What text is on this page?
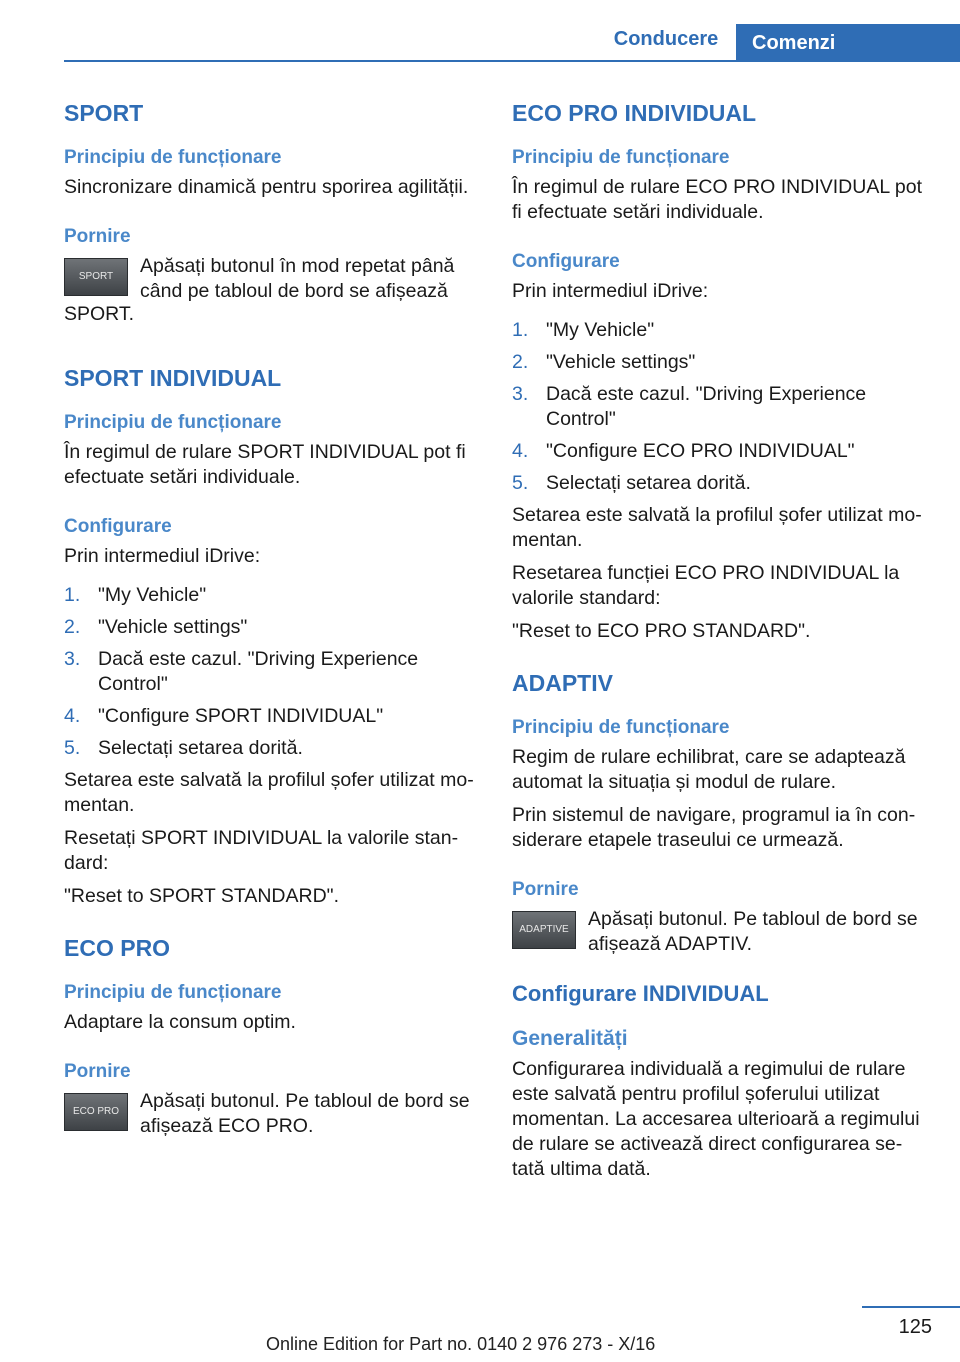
Conducere	Comenzi
SPORT
Principiu de funcționare

Sincronizare dinamică pentru sporirea agilității.

Pornire
SPORT	Apăsați butonul în mod repetat până când pe tabloul de bord se afișează

SPORT.

SPORT INDIVIDUAL
Principiu de funcționare

În regimul de rulare SPORT INDIVIDUAL pot fi efectuate setări individuale.

Configurare

Prin intermediul iDrive:

1. "My Vehicle"
2. "Vehicle settings"
3. Dacă este cazul. "Driving Experience Control"
4. "Configure SPORT INDIVIDUAL"
5. Selectați setarea dorită.

Setarea este salvată la profilul șofer utilizat mo‐mentan.

Resetați SPORT INDIVIDUAL la valorile stan‐dard:

"Reset to SPORT STANDARD".

ECO PRO
Principiu de funcționare

Adaptare la consum optim.

Pornire
ECO PRO	Apăsați butonul. Pe tabloul de bord se afișează ECO PRO.
ECO PRO INDIVIDUAL
Principiu de funcționare

În regimul de rulare ECO PRO INDIVIDUAL pot fi efectuate setări individuale.

Configurare

Prin intermediul iDrive:

1. "My Vehicle"
2. "Vehicle settings"
3. Dacă este cazul. "Driving Experience Control"
4. "Configure ECO PRO INDIVIDUAL"
5. Selectați setarea dorită.

Setarea este salvată la profilul șofer utilizat mo‐mentan.

Resetarea funcției ECO PRO INDIVIDUAL la valorile standard:

"Reset to ECO PRO STANDARD".

ADAPTIV
Principiu de funcționare

Regim de rulare echilibrat, care se adaptează automat la situația și modul de rulare.

Prin sistemul de navigare, programul ia în con‐siderare etapele traseului ce urmează.

Pornire
ADAPTIVE Apăsați butonul. Pe tabloul de bord se afișează ADAPTIV.
Configurare INDIVIDUAL
Generalități

Configurarea individuală a regimului de rulare este salvată pentru profilul șoferului utilizat momentan. La accesarea ulterioară a regimului de rulare se activează direct configurarea se‐tată ultima dată.

125
Online Edition for Part no. 0140 2 976 273 - X/16
